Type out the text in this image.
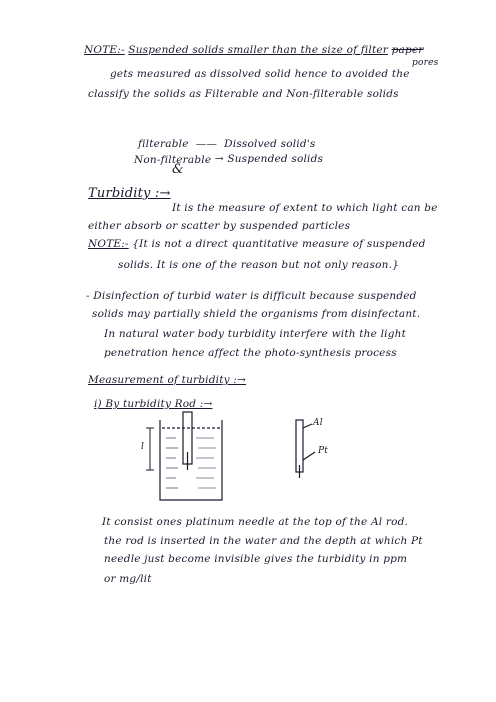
NOTE:- Suspended solids smaller than the size of filter paper
pores
gets measured as dissolved solid hence to avoided the
classify the solids as Filterable and Non-filterable solids
filterable —— Dissolved solid's
&
Non-filterable → Suspended solids
Turbidity :→
It is the measure of extent to which light can be
either absorb or scatter by suspended particles
NOTE:- {It is not a direct quantitative measure of suspended
solids. It is one of the reason but not only reason.}
- Disinfection of turbid water is difficult because suspended
solids may partially shield the organisms from disinfectant.
In natural water body turbidity interfere with the light
penetration hence affect the photo-synthesis process
Measurement of turbidity :→
i) By turbidity Rod :→
l
Al
Pt
It consist ones platinum needle at the top of the Al rod.
the rod is inserted in the water and the depth at which Pt
needle just become invisible gives the turbidity in ppm
or mg/lit
